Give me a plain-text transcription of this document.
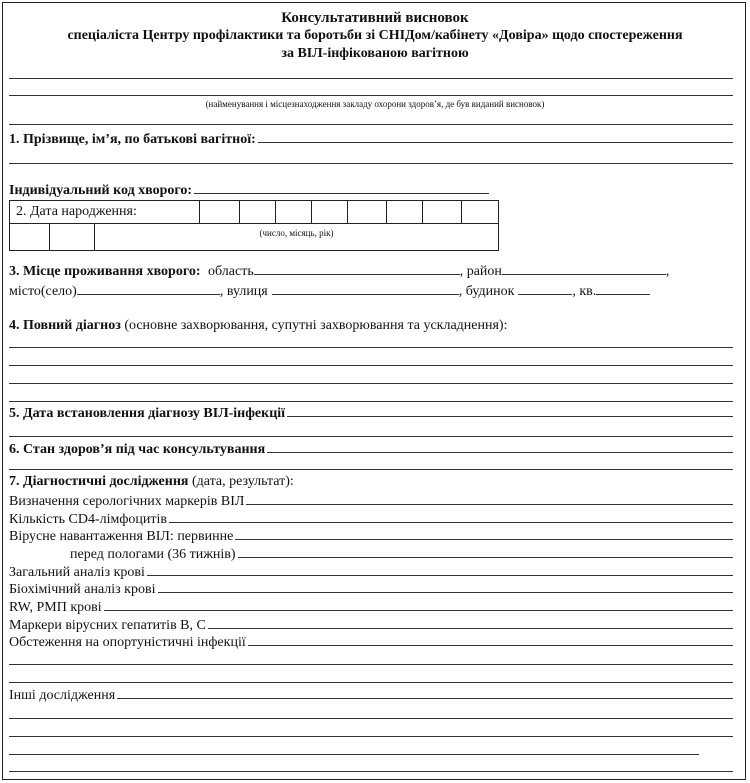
Консультативний висновок
спеціаліста Центру профілактики та боротьби зі СНІДом/кабінету «Довіра» щодо спостереження
за ВІЛ-інфікованою вагітною
(найменування і місцезнаходження закладу охорони здоров’я, де був виданий висновок)
1. Прізвище, ім’я, по батькові вагітної:
Індивідуальний код хворого:
2. Дата народження:										
		(число, місяць, рік)								
3. Місце проживання хворого: область	, район	,
місто(село)	, вулиця	, будинок	, кв.
4. Повний діагноз (основне захворювання, супутні захворювання та ускладнення):
5. Дата встановлення діагнозу ВІЛ-інфекції
6. Стан здоров’я під час консультування
7. Діагностичні дослідження (дата, результат):
Визначення серологічних маркерів ВІЛ
Кількість СD4-лімфоцитів
Вірусне навантаження ВІЛ: первинне
перед пологами (36 тижнів)
Загальний аналіз крові
Біохімічний аналіз крові
RW, РМП крові
Маркери вірусних гепатитів В, С
Обстеження на опортуністичні інфекції
Інші дослідження
